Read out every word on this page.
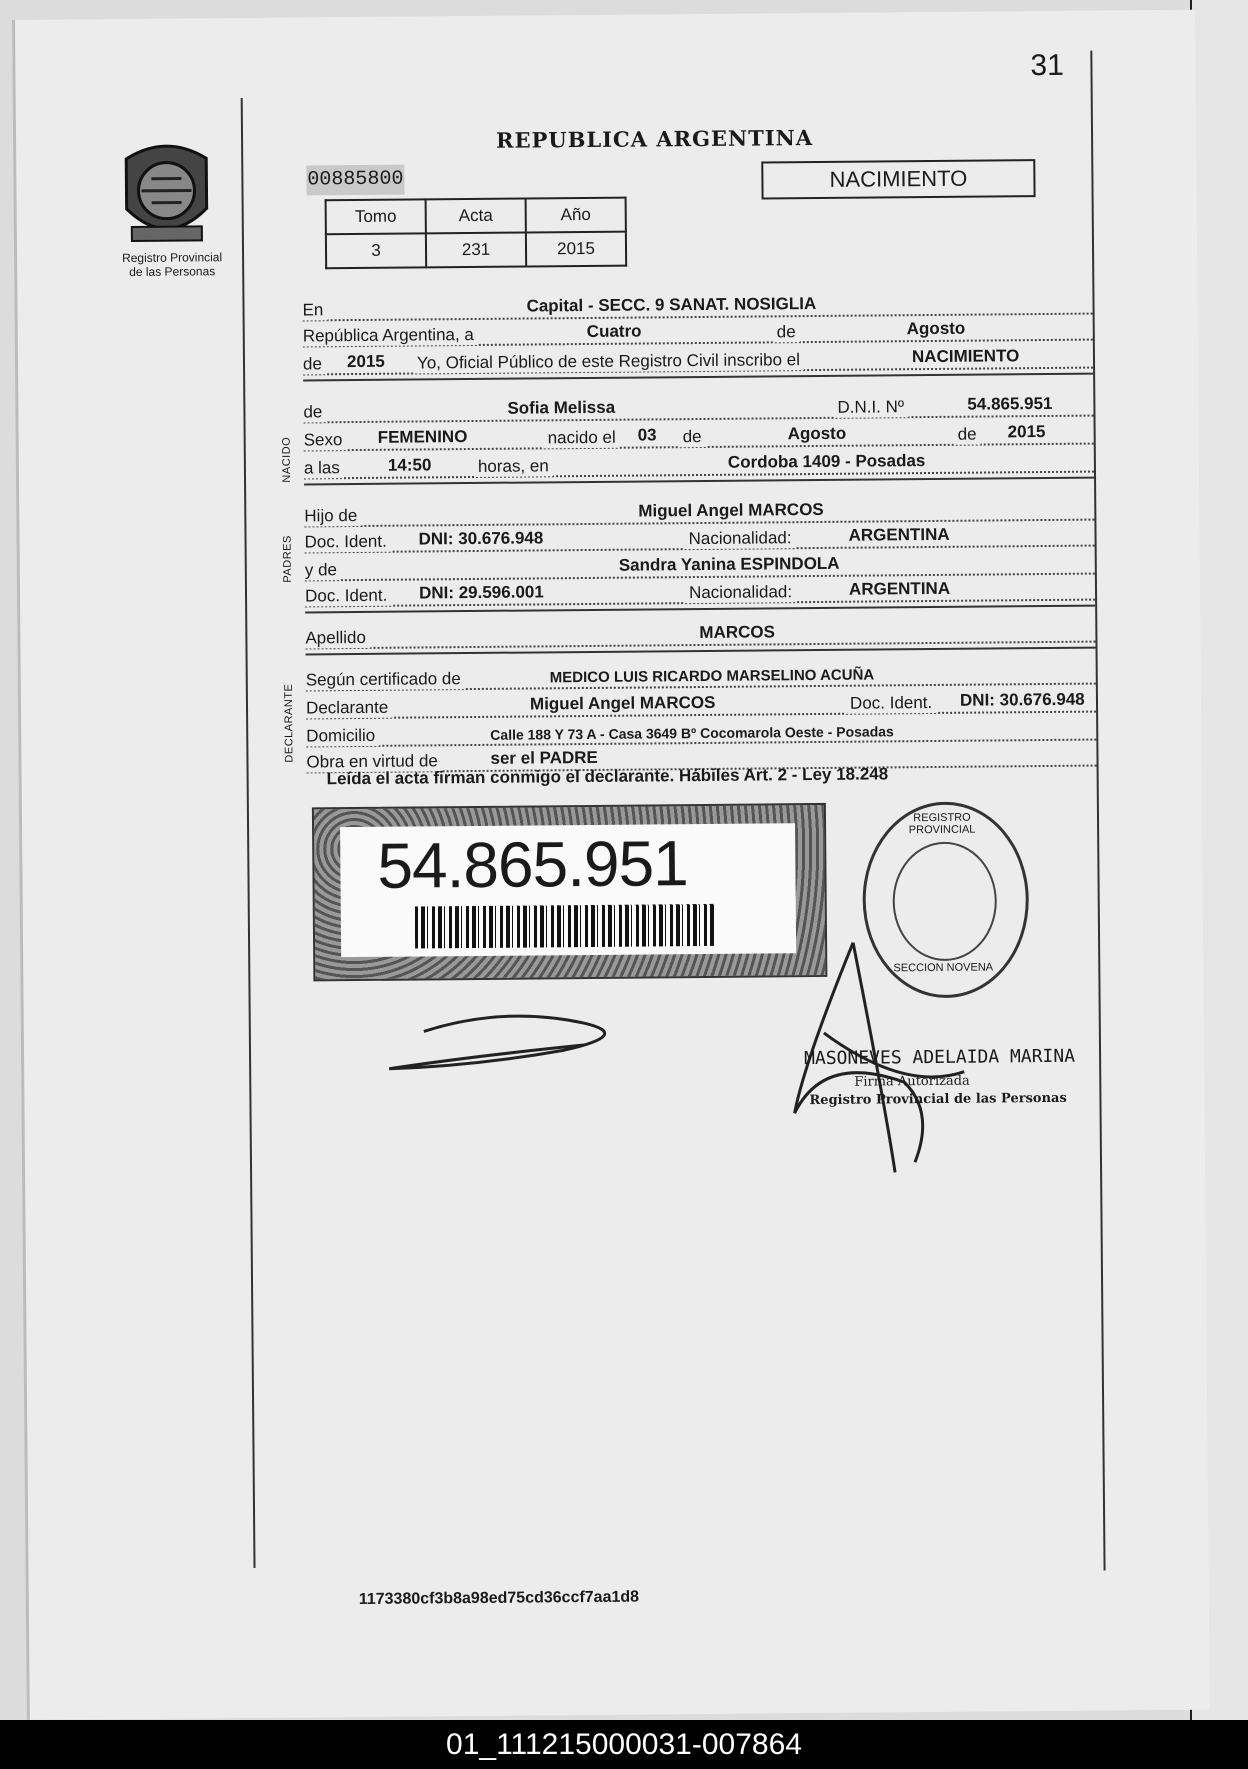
31
Registro Provincial
de las Personas
REPUBLICA ARGENTINA
00885800
Tomo	Acta	Año
3	231	2015
NACIMIENTO
En	Capital - SECC. 9 SANAT. NOSIGLIA
República Argentina, a	Cuatro	de	Agosto
de 2015 Yo, Oficial Público de este Registro Civil inscribo el	NACIMIENTO
NACIDO
de	Sofia Melissa	D.N.I. Nº	54.865.951
Sexo FEMENINO	nacido el 03 de	Agosto	de 2015
a las	14:50	horas, en	Cordoba 1409 - Posadas
PADRES
Hijo de	Miguel Angel MARCOS
Doc. Ident. DNI: 30.676.948	Nacionalidad:	ARGENTINA
y de	Sandra Yanina ESPINDOLA
Doc. Ident. DNI: 29.596.001	Nacionalidad:	ARGENTINA
Apellido	MARCOS
DECLARANTE
Según certificado de	MEDICO LUIS RICARDO MARSELINO ACUÑA
Declarante	Miguel Angel MARCOS	Doc. Ident. DNI: 30.676.948
Domicilio	Calle 188 Y 73 A - Casa 3649 Bº Cocomarola Oeste - Posadas
Obra en virtud de	ser el PADRE
Leída el acta firman conmigo el declarante. Hábiles Art. 2 - Ley 18.248
54.865.951
REGISTRO PROVINCIAL
SECCION NOVENA
MASONEVES ADELAIDA MARINA
Firma Autorizada
Registro Provincial de las Personas
1173380cf3b8a98ed75cd36ccf7aa1d8
01_111215000031-007864
